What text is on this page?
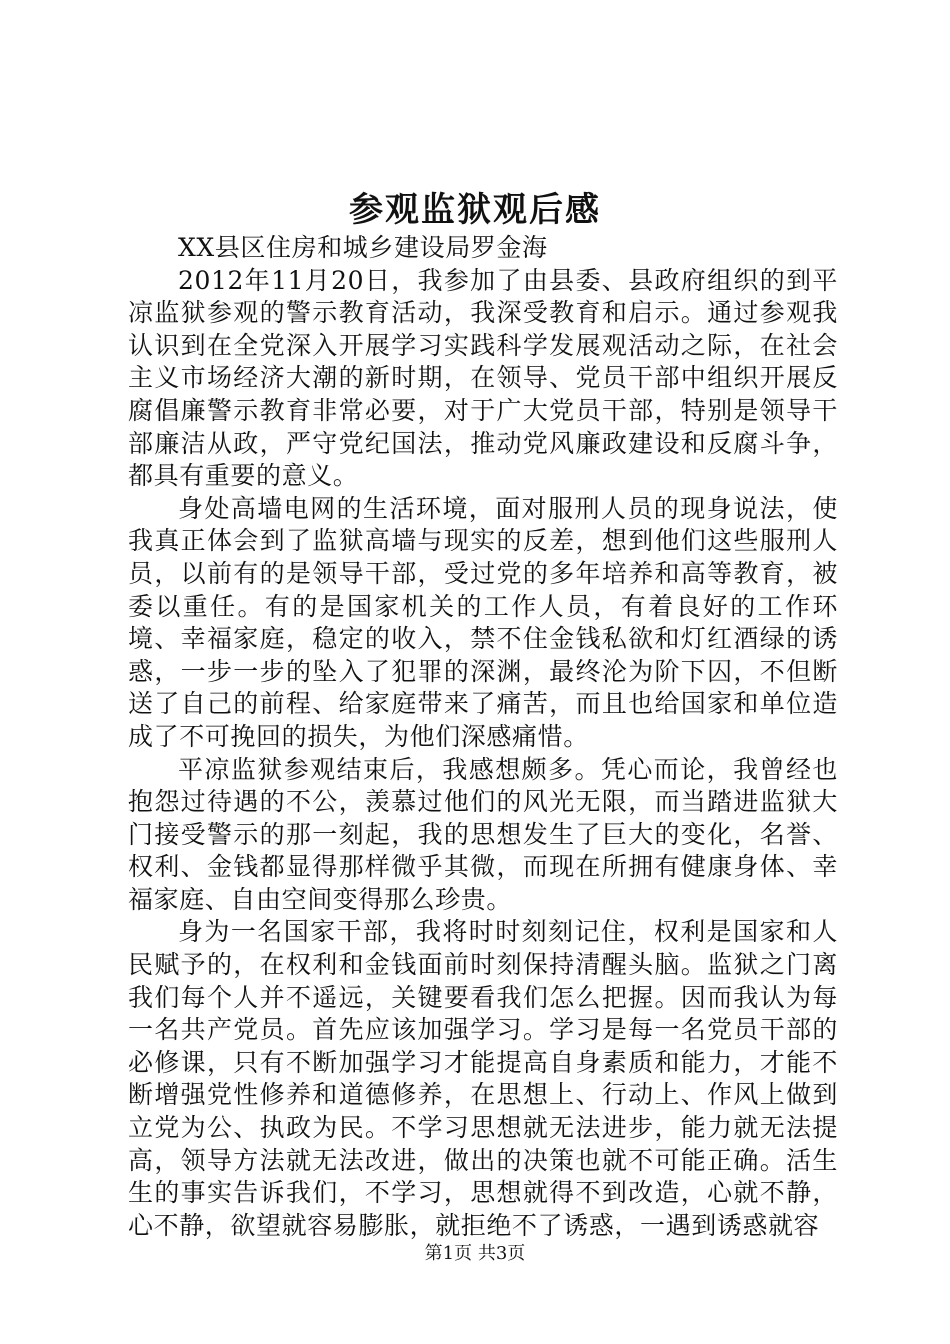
参观监狱观后感

XX县区住房和城乡建设局罗金海

2012年11月20日，我参加了由县委、县政府组织的到平凉监狱参观的警示教育活动，我深受教育和启示。通过参观我认识到在全党深入开展学习实践科学发展观活动之际，在社会主义市场经济大潮的新时期，在领导、党员干部中组织开展反腐倡廉警示教育非常必要，对于广大党员干部，特别是领导干部廉洁从政，严守党纪国法，推动党风廉政建设和反腐斗争，都具有重要的意义。

身处高墙电网的生活环境，面对服刑人员的现身说法，使我真正体会到了监狱高墙与现实的反差，想到他们这些服刑人员，以前有的是领导干部，受过党的多年培养和高等教育，被委以重任。有的是国家机关的工作人员，有着良好的工作环境、幸福家庭，稳定的收入，禁不住金钱私欲和灯红酒绿的诱惑，一步一步的坠入了犯罪的深渊，最终沦为阶下囚，不但断送了自己的前程、给家庭带来了痛苦，而且也给国家和单位造成了不可挽回的损失，为他们深感痛惜。

平凉监狱参观结束后，我感想颇多。凭心而论，我曾经也抱怨过待遇的不公，羡慕过他们的风光无限，而当踏进监狱大门接受警示的那一刻起，我的思想发生了巨大的变化，名誉、权利、金钱都显得那样微乎其微，而现在所拥有健康身体、幸福家庭、自由空间变得那么珍贵。

身为一名国家干部，我将时时刻刻记住，权利是国家和人民赋予的，在权利和金钱面前时刻保持清醒头脑。监狱之门离我们每个人并不遥远，关键要看我们怎么把握。因而我认为每一名共产党员。首先应该加强学习。学习是每一名党员干部的必修课，只有不断加强学习才能提高自身素质和能力，才能不断增强党性修养和道德修养，在思想上、行动上、作风上做到立党为公、执政为民。不学习思想就无法进步，能力就无法提高，领导方法就无法改进，做出的决策也就不可能正确。活生生的事实告诉我们，不学习，思想就得不到改造，心就不静，心不静，欲望就容易膨胀，就拒绝不了诱惑，一遇到诱惑就容

第1页 共3页
